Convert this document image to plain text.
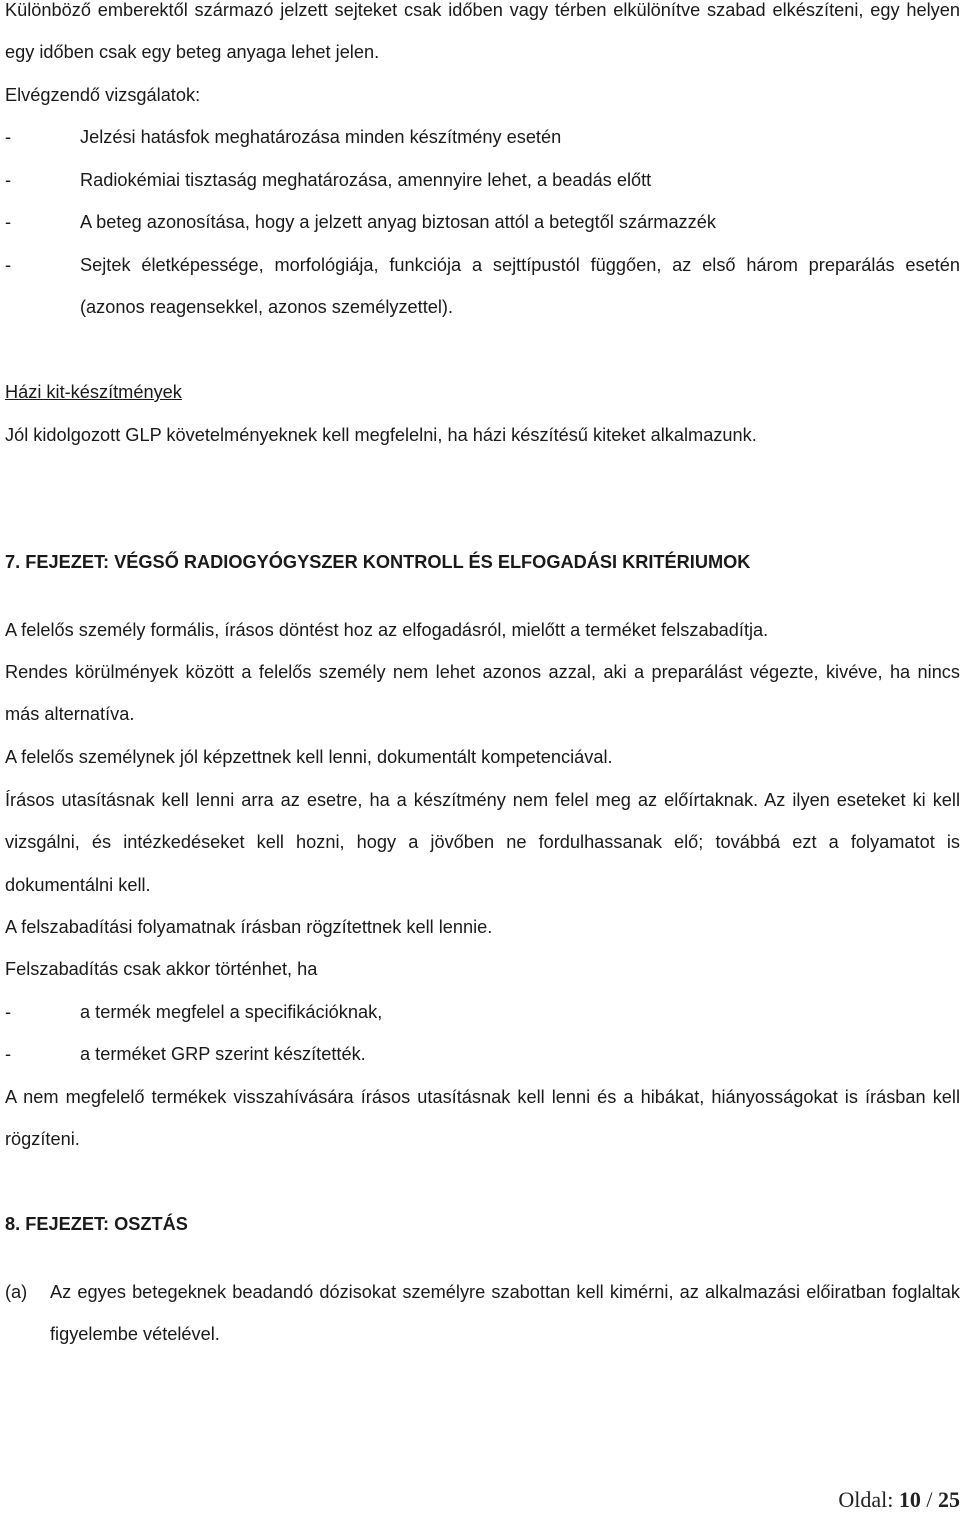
Különböző emberektől származó jelzett sejteket csak időben vagy térben elkülönítve szabad elkészíteni, egy helyen egy időben csak egy beteg anyaga lehet jelen.

Elvégzendő vizsgálatok:

-	Jelzési hatásfok meghatározása minden készítmény esetén
-	Radiokémiai tisztaság meghatározása, amennyire lehet, a beadás előtt
-	A beteg azonosítása, hogy a jelzett anyag biztosan attól a betegtől származzék
-	Sejtek életképessége, morfológiája, funkciója a sejttípustól függően, az első három preparálás esetén (azonos reagensekkel, azonos személyzettel).

Házi kit-készítmények

Jól kidolgozott GLP követelményeknek kell megfelelni, ha házi készítésű kiteket alkalmazunk.

7. FEJEZET: VÉGSŐ RADIOGYÓGYSZER KONTROLL ÉS ELFOGADÁSI KRITÉRIUMOK

A felelős személy formális, írásos döntést hoz az elfogadásról, mielőtt a terméket felszabadítja.

Rendes körülmények között a felelős személy nem lehet azonos azzal, aki a preparálást végezte, kivéve, ha nincs más alternatíva.

A felelős személynek jól képzettnek kell lenni, dokumentált kompetenciával.

Írásos utasításnak kell lenni arra az esetre, ha a készítmény nem felel meg az előírtaknak. Az ilyen eseteket ki kell vizsgálni, és intézkedéseket kell hozni, hogy a jövőben ne fordulhassanak elő; továbbá ezt a folyamatot is dokumentálni kell.

A felszabadítási folyamatnak írásban rögzítettnek kell lennie.

Felszabadítás csak akkor történhet, ha

-	a termék megfelel a specifikációknak,
-	a terméket GRP szerint készítették.

A nem megfelelő termékek visszahívására írásos utasításnak kell lenni és a hibákat, hiányosságokat is írásban kell rögzíteni.

8. FEJEZET: OSZTÁS

(a) Az egyes betegeknek beadandó dózisokat személyre szabottan kell kimérni, az alkalmazási előiratban foglaltak figyelembe vételével.
Oldal: 10 / 25
